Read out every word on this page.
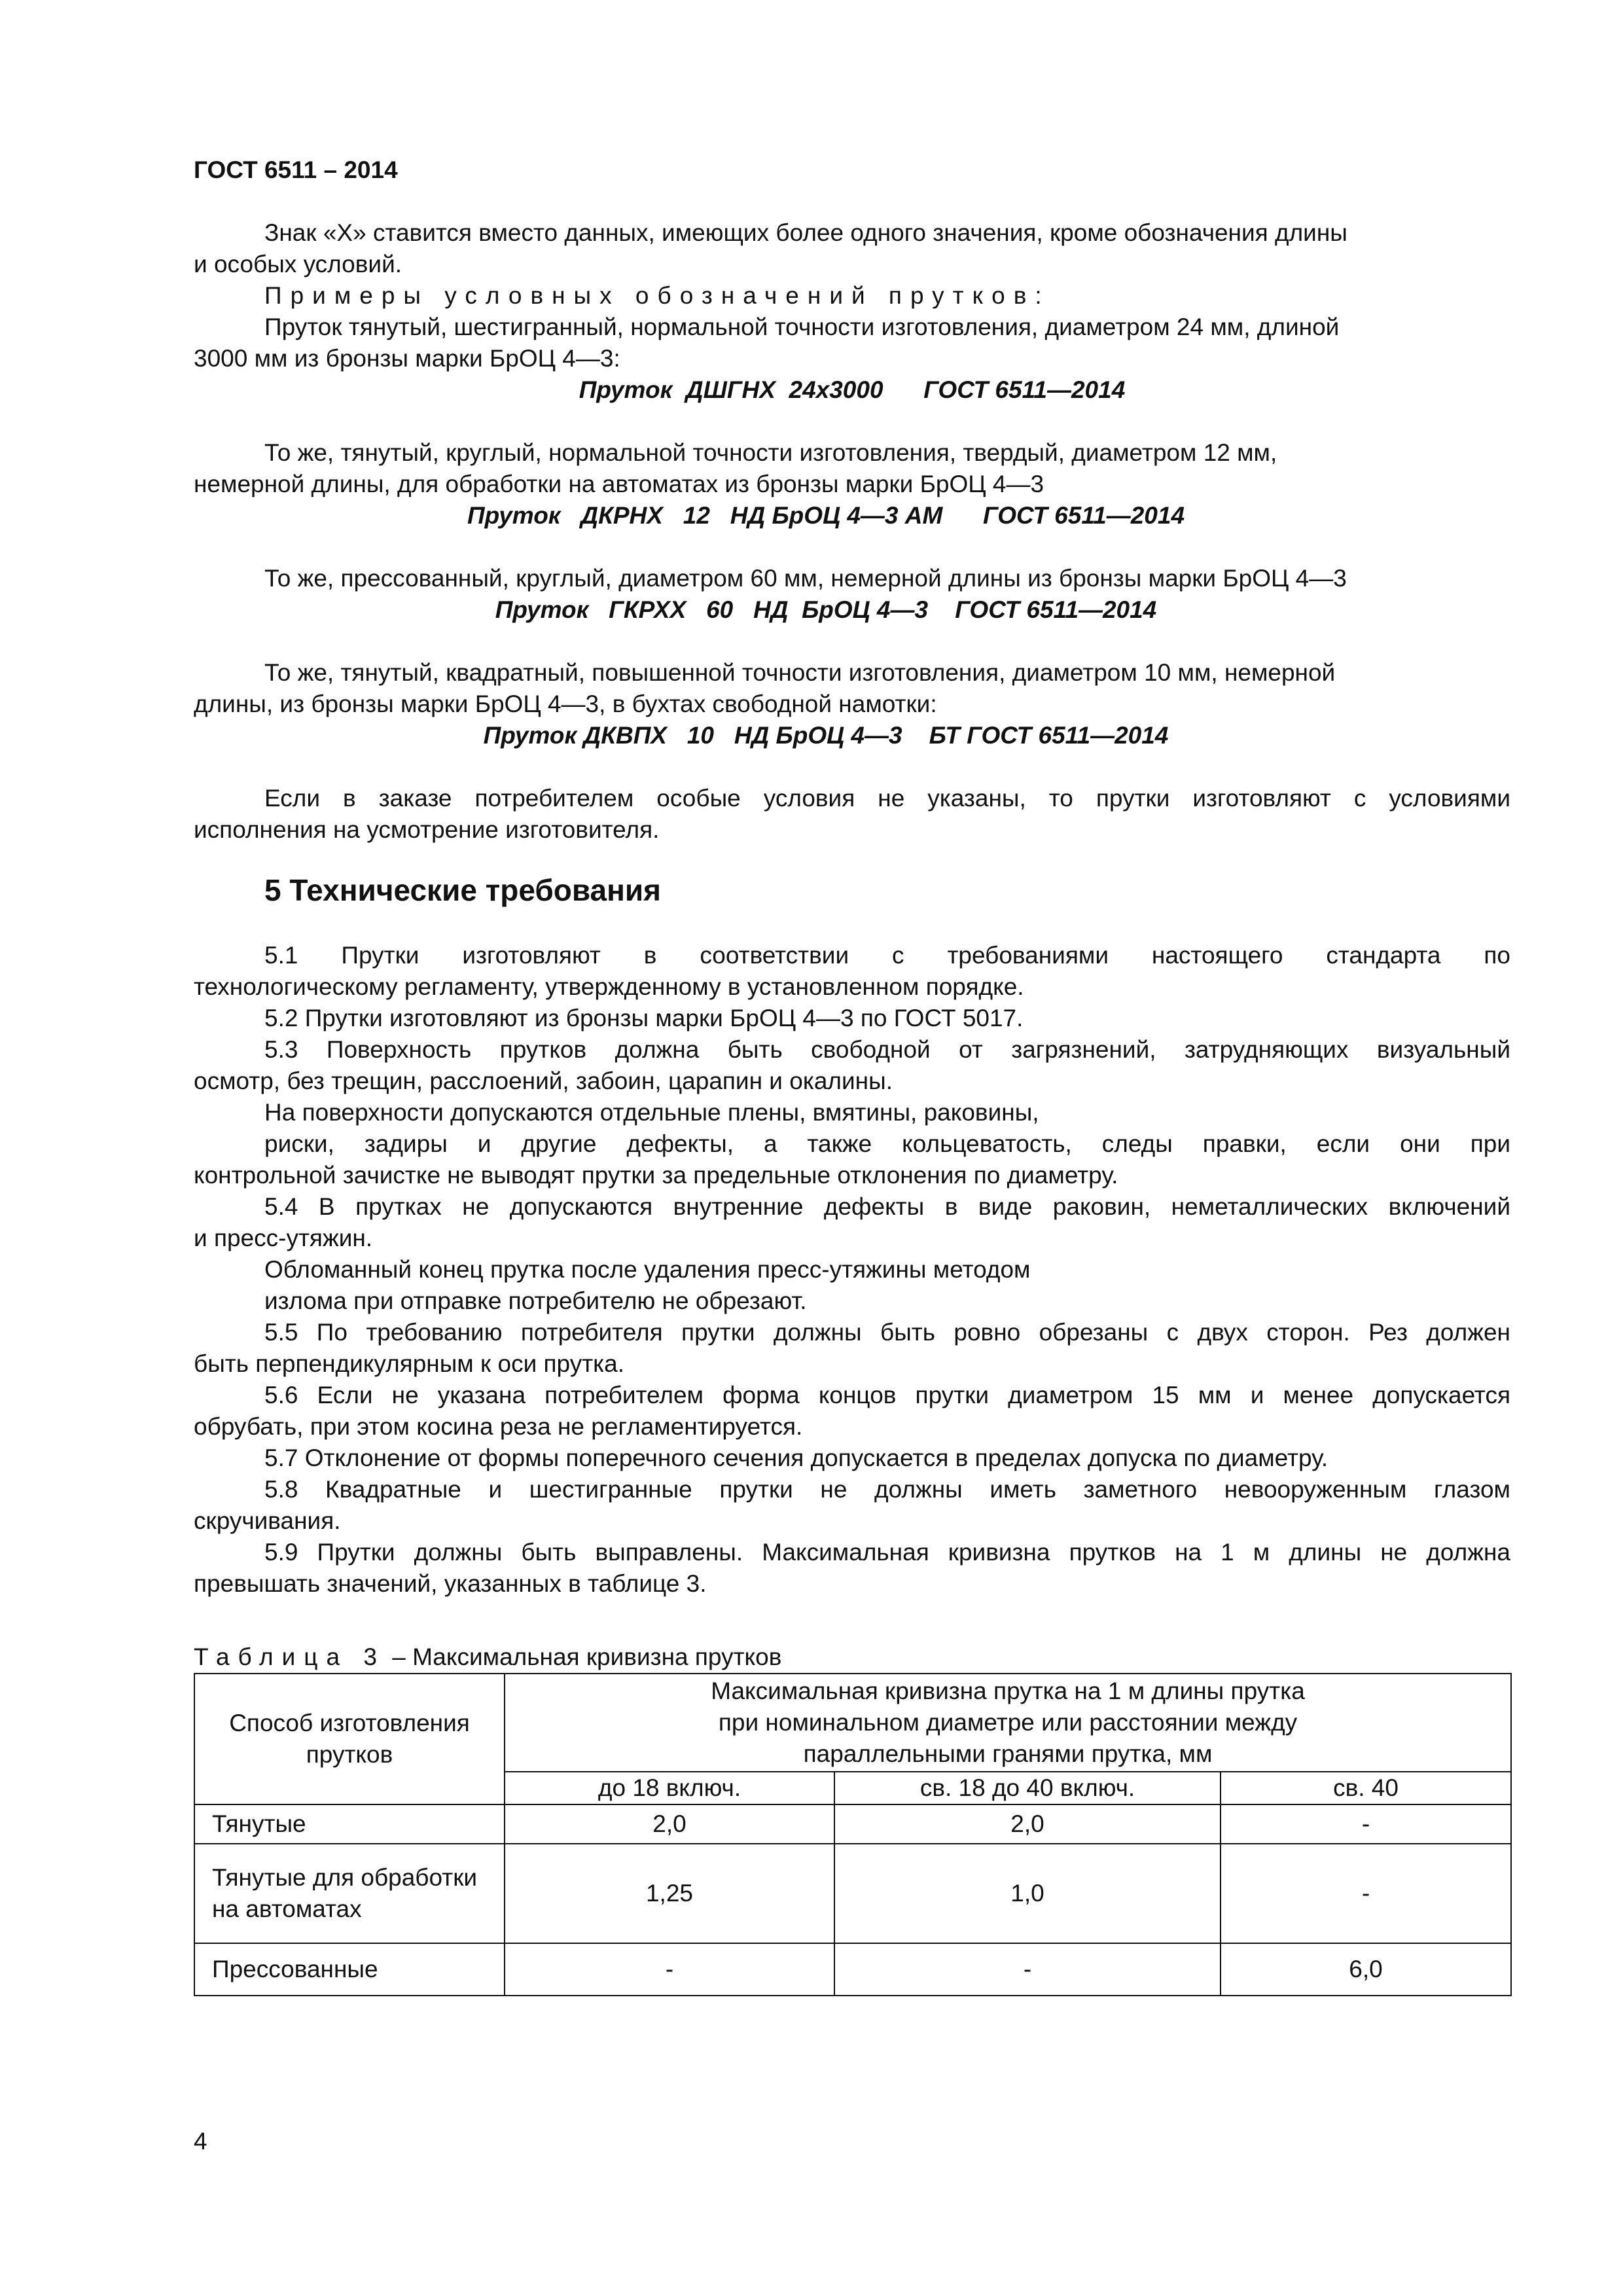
ГОСТ 6511 – 2014
Знак «Х» ставится вместо данных, имеющих более одного значения, кроме обозначения длины
и особых условий.
Примеры условных обозначений прутков:
Пруток тянутый, шестигранный, нормальной точности изготовления, диаметром 24 мм, длиной
3000 мм из бронзы марки БрОЦ 4—3:
Пруток  ДШГНХ  24х3000      ГОСТ 6511—2014
То же, тянутый, круглый, нормальной точности изготовления, твердый, диаметром 12 мм,
немерной длины, для обработки на автоматах из бронзы марки БрОЦ 4—3
Пруток   ДКРНХ   12   НД БрОЦ 4—3 АМ      ГОСТ 6511—2014
То же, прессованный, круглый, диаметром 60 мм, немерной длины из бронзы марки БрОЦ 4—3
Пруток   ГКРХХ   60   НД  БрОЦ 4—3    ГОСТ 6511—2014
То же, тянутый, квадратный, повышенной точности изготовления, диаметром 10 мм, немерной
длины, из бронзы марки БрОЦ 4—3, в бухтах свободной намотки:
Пруток ДКВПХ   10   НД БрОЦ 4—3    БТ ГОСТ 6511—2014
Если в заказе потребителем особые условия не указаны, то прутки изготовляют с условиями
исполнения на усмотрение изготовителя.
5 Технические требования
5.1 Прутки изготовляют в соответствии с требованиями настоящего стандарта по
технологическому регламенту, утвержденному в установленном порядке.
5.2 Прутки изготовляют из бронзы марки БрОЦ 4—3 по ГОСТ 5017.
5.3 Поверхность прутков должна быть свободной от загрязнений, затрудняющих визуальный
осмотр, без трещин, расслоений, забоин, царапин и окалины.
На поверхности допускаются отдельные плены, вмятины, раковины,
риски, задиры и другие дефекты, а также кольцеватость, следы правки, если они при
контрольной зачистке не выводят прутки за предельные отклонения по диаметру.
5.4 В прутках не допускаются внутренние дефекты в виде раковин, неметаллических включений
и пресс-утяжин.
Обломанный конец прутка после удаления пресс-утяжины методом
излома при отправке потребителю не обрезают.
5.5 По требованию потребителя прутки должны быть ровно обрезаны с двух сторон. Рез должен
быть перпендикулярным к оси прутка.
5.6 Если не указана потребителем форма концов прутки диаметром 15 мм и менее допускается
обрубать, при этом косина реза не регламентируется.
5.7 Отклонение от формы поперечного сечения допускается в пределах допуска по диаметру.
5.8 Квадратные и шестигранные прутки не должны иметь заметного невооруженным глазом
скручивания.
5.9 Прутки должны быть выправлены. Максимальная кривизна прутков на 1 м длины не должна
превышать значений, указанных в таблице 3.
Таблица 3 – Максимальная кривизна прутков
Способ изготовления прутков	Максимальная кривизна прутка на 1 м длины прутка
при номинальном диаметре или расстоянии между
параллельными гранями прутка, мм		

	до 18 включ.	св. 18 до 40 включ.	св. 40
Тянутые	2,0	2,0	-
Тянутые для обработки на автоматах	1,25	1,0	-
Прессованные	-	-	6,0
4
